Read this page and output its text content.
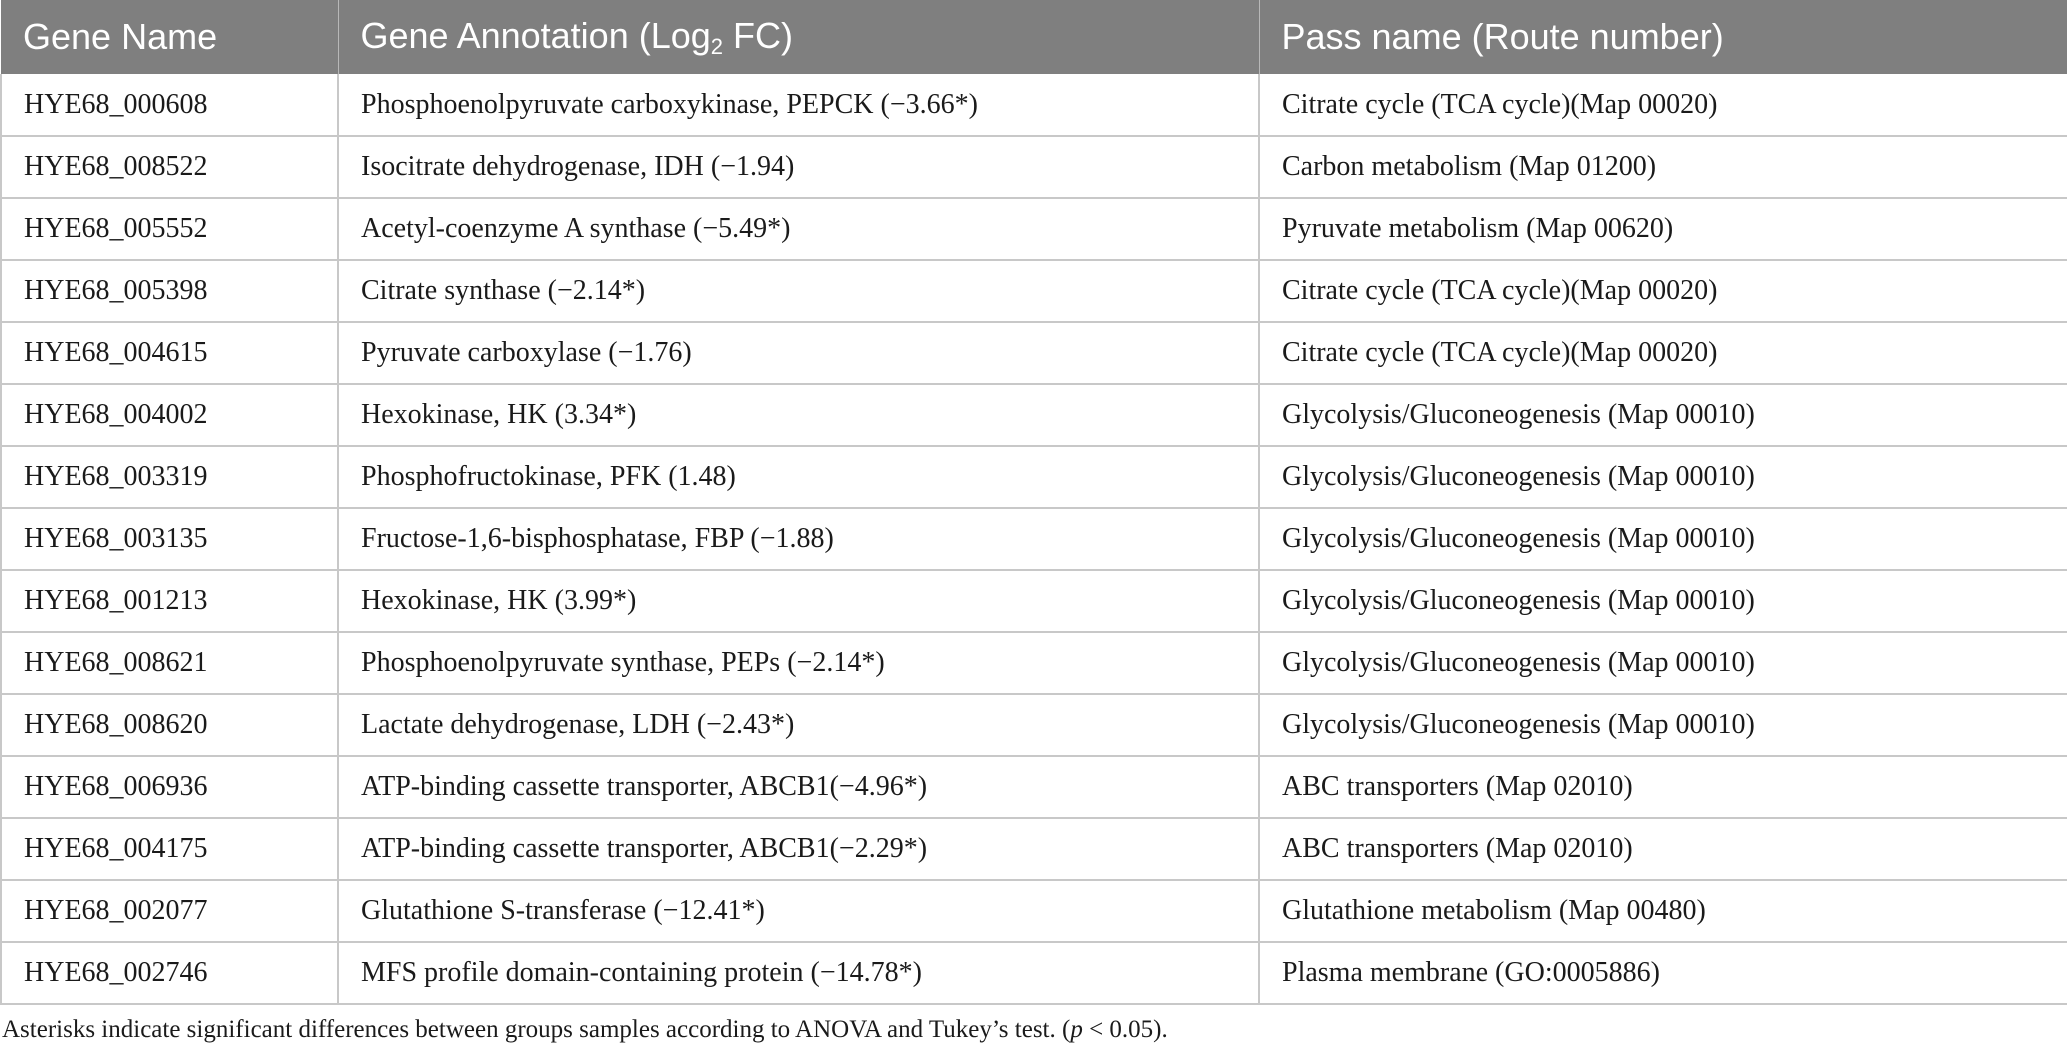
Gene Name	Gene Annotation (Log$_2$ FC)	Pass name (Route number)
HYE68_000608	Phosphoenolpyruvate carboxykinase, PEPCK (−3.66*)	Citrate cycle (TCA cycle)(Map 00020)
HYE68_008522	Isocitrate dehydrogenase, IDH (−1.94)	Carbon metabolism (Map 01200)
HYE68_005552	Acetyl-coenzyme A synthase (−5.49*)	Pyruvate metabolism (Map 00620)
HYE68_005398	Citrate synthase (−2.14*)	Citrate cycle (TCA cycle)(Map 00020)
HYE68_004615	Pyruvate carboxylase (−1.76)	Citrate cycle (TCA cycle)(Map 00020)
HYE68_004002	Hexokinase, HK (3.34*)	Glycolysis/Gluconeogenesis (Map 00010)
HYE68_003319	Phosphofructokinase, PFK (1.48)	Glycolysis/Gluconeogenesis (Map 00010)
HYE68_003135	Fructose-1,6-bisphosphatase, FBP (−1.88)	Glycolysis/Gluconeogenesis (Map 00010)
HYE68_001213	Hexokinase, HK (3.99*)	Glycolysis/Gluconeogenesis (Map 00010)
HYE68_008621	Phosphoenolpyruvate synthase, PEPs (−2.14*)	Glycolysis/Gluconeogenesis (Map 00010)
HYE68_008620	Lactate dehydrogenase, LDH (−2.43*)	Glycolysis/Gluconeogenesis (Map 00010)
HYE68_006936	ATP-binding cassette transporter, ABCB1(−4.96*)	ABC transporters (Map 02010)
HYE68_004175	ATP-binding cassette transporter, ABCB1(−2.29*)	ABC transporters (Map 02010)
HYE68_002077	Glutathione S-transferase (−12.41*)	Glutathione metabolism (Map 00480)
HYE68_002746	MFS profile domain-containing protein (−14.78*)	Plasma membrane (GO:0005886)
Asterisks indicate significant differences between groups samples according to ANOVA and Tukey’s test. (p < 0.05).
